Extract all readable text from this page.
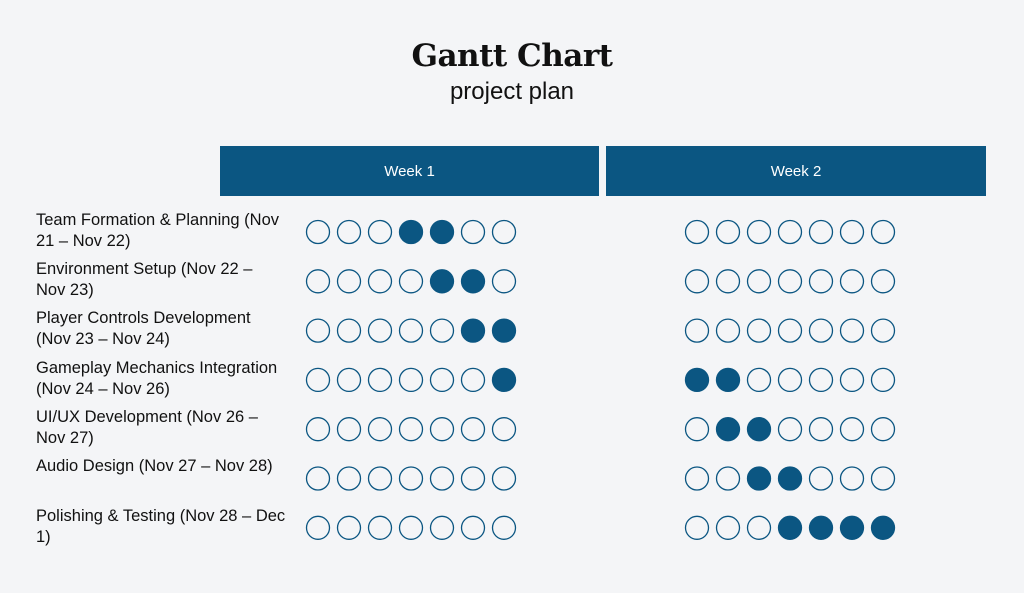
Gantt Chart
project plan
Week 1	Week 2
Team Formation & Planning (Nov 21 – Nov 22)
Environment Setup (Nov 22 – Nov 23)
Player Controls Development (Nov 23 – Nov 24)
Gameplay Mechanics Integration (Nov 24 – Nov 26)
UI/UX Development (Nov 26 – Nov 27)
Audio Design (Nov 27 – Nov 28)
Polishing & Testing (Nov 28 – Dec 1)
